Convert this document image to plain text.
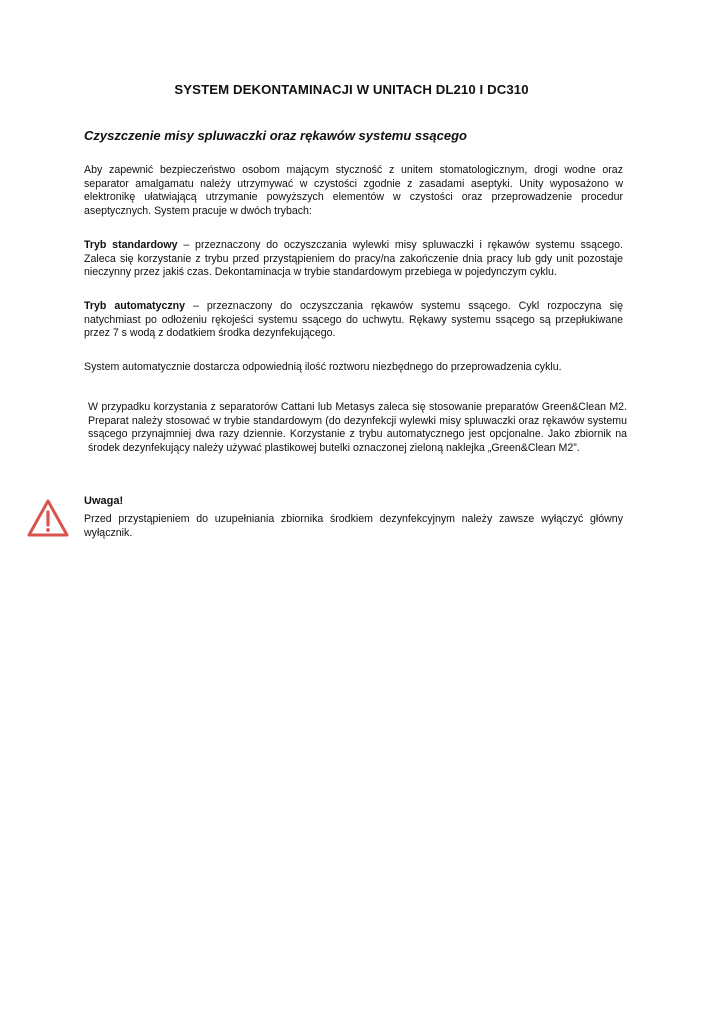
SYSTEM DEKONTAMINACJI W UNITACH DL210 I DC310
Czyszczenie misy spluwaczki oraz rękawów systemu ssącego
Aby zapewnić bezpieczeństwo osobom mającym styczność z unitem stomatologicznym, drogi wodne oraz separator amalgamatu należy utrzymywać w czystości zgodnie z zasadami aseptyki. Unity wyposażono w elektronikę ułatwiającą utrzymanie powyższych elementów w czystości oraz przeprowadzenie procedur aseptycznych. System pracuje w dwóch trybach:
Tryb standardowy – przeznaczony do oczyszczania wylewki misy spluwaczki i rękawów systemu ssącego. Zaleca się korzystanie z trybu przed przystąpieniem do pracy/na zakończenie dnia pracy lub gdy unit pozostaje nieczynny przez jakiś czas. Dekontaminacja w trybie standardowym przebiega w pojedynczym cyklu.
Tryb automatyczny – przeznaczony do oczyszczania rękawów systemu ssącego. Cykl rozpoczyna się natychmiast po odłożeniu rękojeści systemu ssącego do uchwytu. Rękawy systemu ssącego są przepłukiwane przez 7 s wodą z dodatkiem środka dezynfekującego.
System automatycznie dostarcza odpowiednią ilość roztworu niezbędnego do przeprowadzenia cyklu.
W przypadku korzystania z separatorów Cattani lub Metasys zaleca się stosowanie preparatów Green&Clean M2. Preparat należy stosować w trybie standardowym (do dezynfekcji wylewki misy spluwaczki oraz rękawów systemu ssącego przynajmniej dwa razy dziennie. Korzystanie z trybu automatycznego jest opcjonalne. Jako zbiornik na środek dezynfekujący należy używać plastikowej butelki oznaczonej zieloną naklejka „Green&Clean M2”.
Uwaga!
Przed przystąpieniem do uzupełniania zbiornika środkiem dezynfekcyjnym należy zawsze wyłączyć główny wyłącznik.
